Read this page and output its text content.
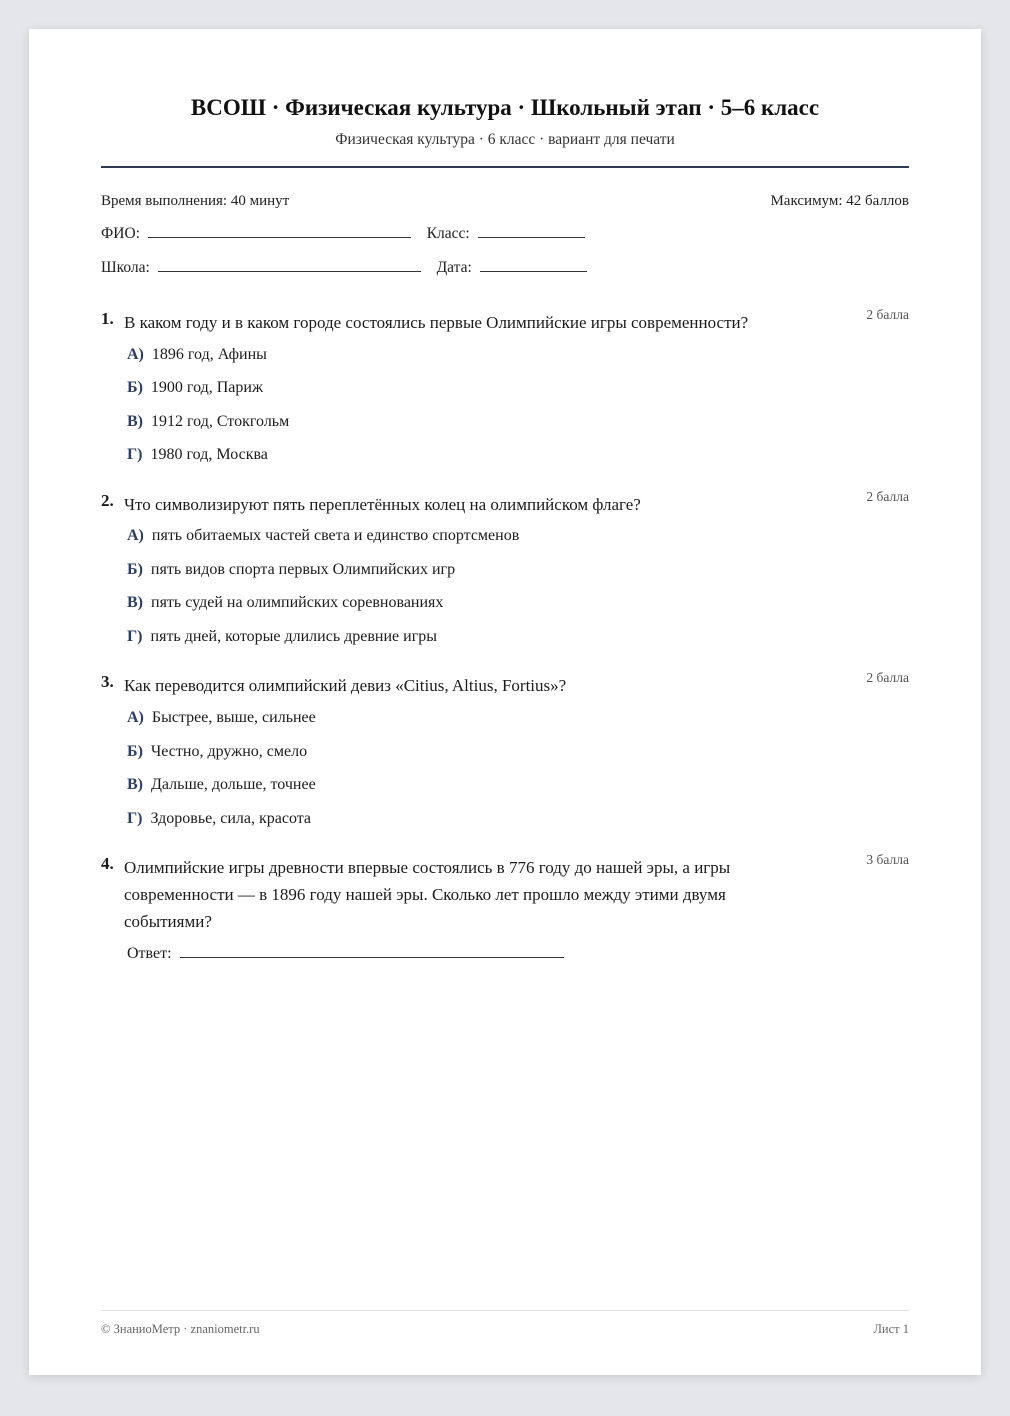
ВСОШ · Физическая культура · Школьный этап · 5–6 класс
Физическая культура · 6 класс · вариант для печати
Время выполнения: 40 минут	Максимум: 42 баллов
ФИО:	Класс:
Школа:	Дата:
1. В каком году и в каком городе состоялись первые Олимпийские игры современности?	2 балла
А) 1896 год, Афины
Б) 1900 год, Париж
В) 1912 год, Стокгольм
Г) 1980 год, Москва
2. Что символизируют пять переплетённых колец на олимпийском флаге?	2 балла
А) пять обитаемых частей света и единство спортсменов
Б) пять видов спорта первых Олимпийских игр
В) пять судей на олимпийских соревнованиях
Г) пять дней, которые длились древние игры
3. Как переводится олимпийский девиз «Citius, Altius, Fortius»?	2 балла
А) Быстрее, выше, сильнее
Б) Честно, дружно, смело
В) Дальше, дольше, точнее
Г) Здоровье, сила, красота
4. Олимпийские игры древности впервые состоялись в 776 году до нашей эры, а игры современности — в 1896 году нашей эры. Сколько лет прошло между этими двумя событиями?
3 балла
Ответ:
© ЗнаниоМетр · znaniometr.ru	Лист 1
